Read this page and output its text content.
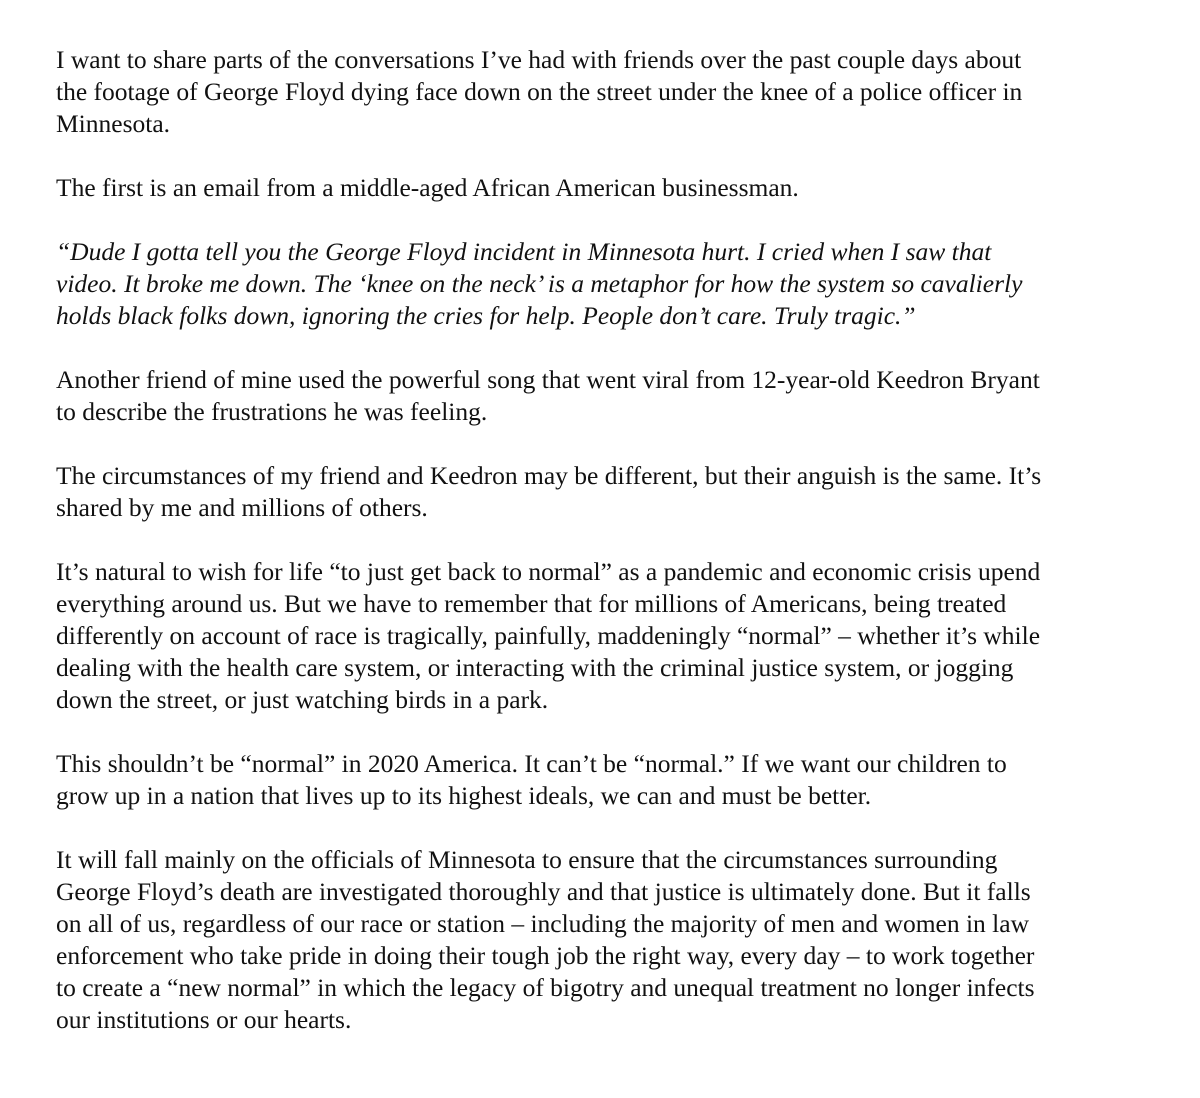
I want to share parts of the conversations I’ve had with friends over the past couple days about
the footage of George Floyd dying face down on the street under the knee of a police officer in
Minnesota.

The first is an email from a middle-aged African American businessman.

“Dude I gotta tell you the George Floyd incident in Minnesota hurt. I cried when I saw that
video. It broke me down. The ‘knee on the neck’ is a metaphor for how the system so cavalierly
holds black folks down, ignoring the cries for help. People don’t care. Truly tragic.”

Another friend of mine used the powerful song that went viral from 12-year-old Keedron Bryant
to describe the frustrations he was feeling.

The circumstances of my friend and Keedron may be different, but their anguish is the same. It’s
shared by me and millions of others.

It’s natural to wish for life “to just get back to normal” as a pandemic and economic crisis upend
everything around us. But we have to remember that for millions of Americans, being treated
differently on account of race is tragically, painfully, maddeningly “normal” – whether it’s while
dealing with the health care system, or interacting with the criminal justice system, or jogging
down the street, or just watching birds in a park.

This shouldn’t be “normal” in 2020 America. It can’t be “normal.” If we want our children to
grow up in a nation that lives up to its highest ideals, we can and must be better.

It will fall mainly on the officials of Minnesota to ensure that the circumstances surrounding
George Floyd’s death are investigated thoroughly and that justice is ultimately done. But it falls
on all of us, regardless of our race or station – including the majority of men and women in law
enforcement who take pride in doing their tough job the right way, every day – to work together
to create a “new normal” in which the legacy of bigotry and unequal treatment no longer infects
our institutions or our hearts.
